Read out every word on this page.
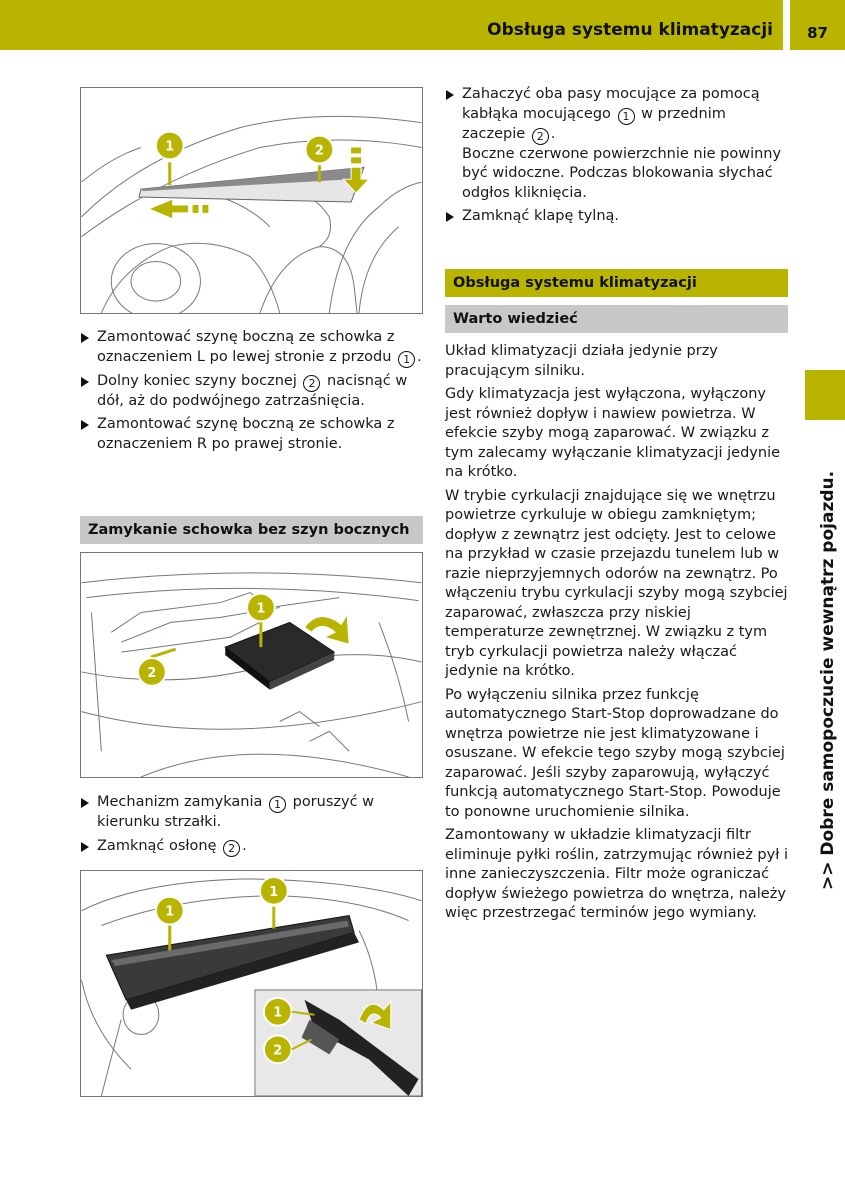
Obsługa systemu klimatyzacji	87
>> Dobre samopoczucie wewnątrz pojazdu.
1	2
Zamontować szynę boczną ze schowka z oznaczeniem L po lewej stronie z przodu 1 .
Dolny koniec szyny bocznej 2 nacisnąć w dół, aż do podwójnego zatrzaśnięcia.
Zamontować szynę boczną ze schowka z oznaczeniem R po prawej stronie.
Zamykanie schowka bez szyn bocznych
1
2
Mechanizm zamykania 1 poruszyć w kierunku strzałki.
Zamknąć osłonę 2 .
1
1
1
2
Zahaczyć oba pasy mocujące za pomocą kabłąka mocującego 1 w przednim zaczepie 2 .
Boczne czerwone powierzchnie nie powinny być widoczne. Podczas blokowania słychać odgłos kliknięcia.
Zamknąć klapę tylną.
Obsługa systemu klimatyzacji
Warto wiedzieć
Układ klimatyzacji działa jedynie przy pracującym silniku.
Gdy klimatyzacja jest wyłączona, wyłączony jest również dopływ i nawiew powietrza. W efekcie szyby mogą zaparować. W związku z tym zalecamy wyłączanie klimatyzacji jedynie na krótko.
W trybie cyrkulacji znajdujące się we wnętrzu powietrze cyrkuluje w obiegu zamkniętym; dopływ z zewnątrz jest odcięty. Jest to celowe na przykład w czasie przejazdu tunelem lub w razie nieprzyjemnych odorów na zewnątrz. Po włączeniu trybu cyrkulacji szyby mogą szybciej zaparować, zwłaszcza przy niskiej temperaturze zewnętrznej. W związku z tym tryb cyrkulacji powietrza należy włączać jedynie na krótko.
Po wyłączeniu silnika przez funkcję automatycznego Start-Stop doprowadzane do wnętrza powietrze nie jest klimatyzowane i osuszane. W efekcie tego szyby mogą szybciej zaparować. Jeśli szyby zaparowują, wyłączyć funkcją automatycznego Start-Stop. Powoduje to ponowne uruchomienie silnika.
Zamontowany w układzie klimatyzacji filtr eliminuje pyłki roślin, zatrzymując również pył i inne zanieczyszczenia. Filtr może ograniczać dopływ świeżego powietrza do wnętrza, należy więc przestrzegać terminów jego wymiany.
